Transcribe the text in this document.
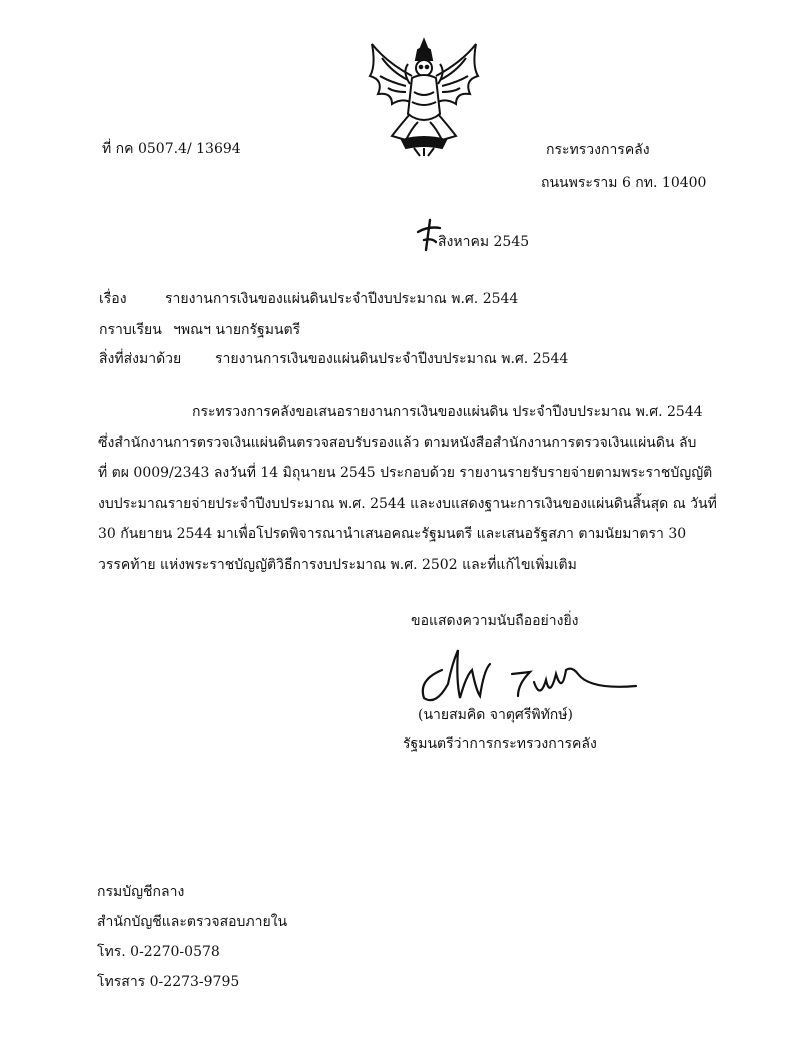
ที่ กค 0507.4/ 13694	กระทรวงการคลัง
ถนนพระราม 6 กท. 10400
สิงหาคม 2545
เรื่อง	รายงานการเงินของแผ่นดินประจำปีงบประมาณ พ.ศ. 2544
กราบเรียน ฯพณฯ นายกรัฐมนตรี
สิ่งที่ส่งมาด้วย รายงานการเงินของแผ่นดินประจำปีงบประมาณ พ.ศ. 2544
กระทรวงการคลังขอเสนอรายงานการเงินของแผ่นดิน ประจำปีงบประมาณ พ.ศ. 2544
ซึ่งสำนักงานการตรวจเงินแผ่นดินตรวจสอบรับรองแล้ว ตามหนังสือสำนักงานการตรวจเงินแผ่นดิน ลับ
ที่ ตผ 0009/2343 ลงวันที่ 14 มิถุนายน 2545 ประกอบด้วย รายงานรายรับรายจ่ายตามพระราชบัญญัติ
งบประมาณรายจ่ายประจำปีงบประมาณ พ.ศ. 2544 และงบแสดงฐานะการเงินของแผ่นดินสิ้นสุด ณ วันที่
30 กันยายน 2544 มาเพื่อโปรดพิจารณานำเสนอคณะรัฐมนตรี และเสนอรัฐสภา ตามนัยมาตรา 30
วรรคท้าย แห่งพระราชบัญญัติวิธีการงบประมาณ พ.ศ. 2502 และที่แก้ไขเพิ่มเติม
ขอแสดงความนับถืออย่างยิ่ง
(นายสมคิด จาตุศรีพิทักษ์)
รัฐมนตรีว่าการกระทรวงการคลัง
กรมบัญชีกลาง
สำนักบัญชีและตรวจสอบภายใน
โทร. 0-2270-0578
โทรสาร 0-2273-9795
